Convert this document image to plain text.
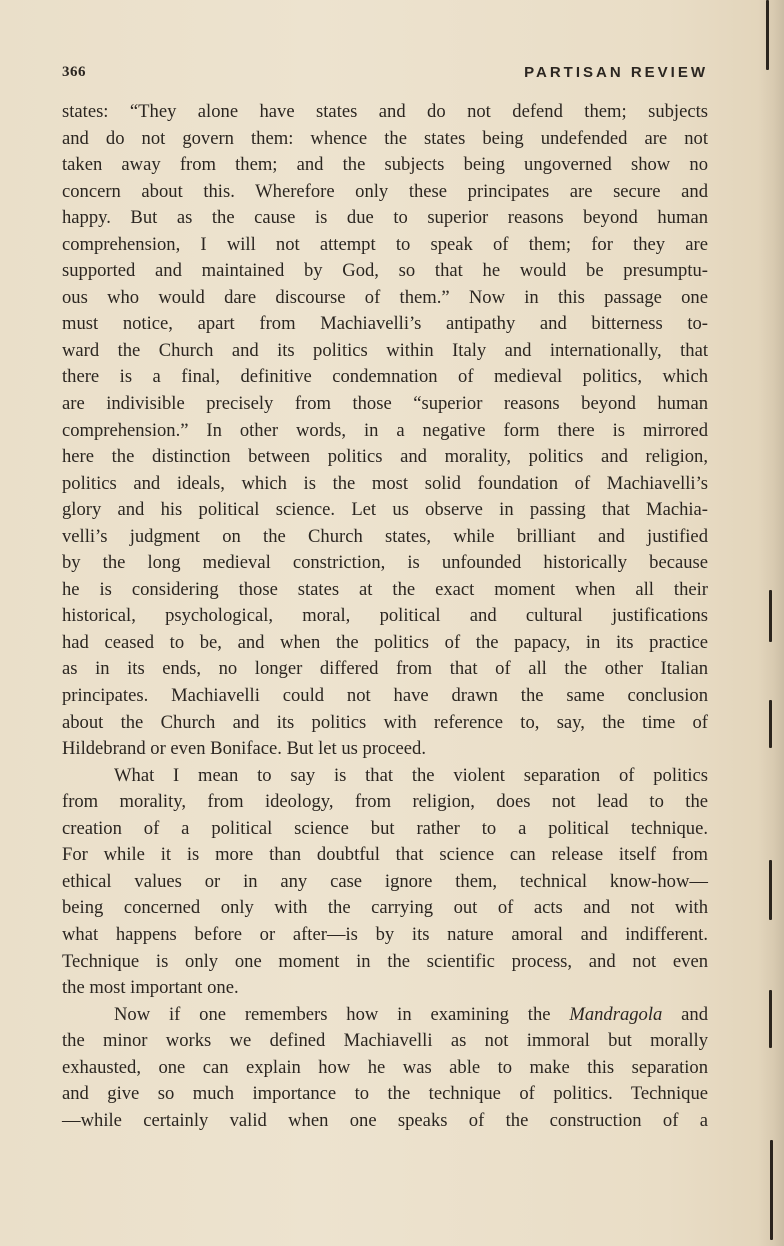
366	PARTISAN REVIEW
states: “They alone have states and do not defend them; subjects
and do not govern them: whence the states being undefended are not
taken away from them; and the subjects being ungoverned show no
concern about this. Wherefore only these principates are secure and
happy. But as the cause is due to superior reasons beyond human
comprehension, I will not attempt to speak of them; for they are
supported and maintained by God, so that he would be presumptu-
ous who would dare discourse of them.” Now in this passage one
must notice, apart from Machiavelli’s antipathy and bitterness to-
ward the Church and its politics within Italy and internationally, that
there is a final, definitive condemnation of medieval politics, which
are indivisible precisely from those “superior reasons beyond human
comprehension.” In other words, in a negative form there is mirrored
here the distinction between politics and morality, politics and religion,
politics and ideals, which is the most solid foundation of Machiavelli’s
glory and his political science. Let us observe in passing that Machia-
velli’s judgment on the Church states, while brilliant and justified
by the long medieval constriction, is unfounded historically because
he is considering those states at the exact moment when all their
historical, psychological, moral, political and cultural justifications
had ceased to be, and when the politics of the papacy, in its practice
as in its ends, no longer differed from that of all the other Italian
principates. Machiavelli could not have drawn the same conclusion
about the Church and its politics with reference to, say, the time of
Hildebrand or even Boniface. But let us proceed.
What I mean to say is that the violent separation of politics
from morality, from ideology, from religion, does not lead to the
creation of a political science but rather to a political technique.
For while it is more than doubtful that science can release itself from
ethical values or in any case ignore them, technical know-how—
being concerned only with the carrying out of acts and not with
what happens before or after—is by its nature amoral and indifferent.
Technique is only one moment in the scientific process, and not even
the most important one.
Now if one remembers how in examining the Mandragola and
the minor works we defined Machiavelli as not immoral but morally
exhausted, one can explain how he was able to make this separation
and give so much importance to the technique of politics. Technique
—while certainly valid when one speaks of the construction of a
